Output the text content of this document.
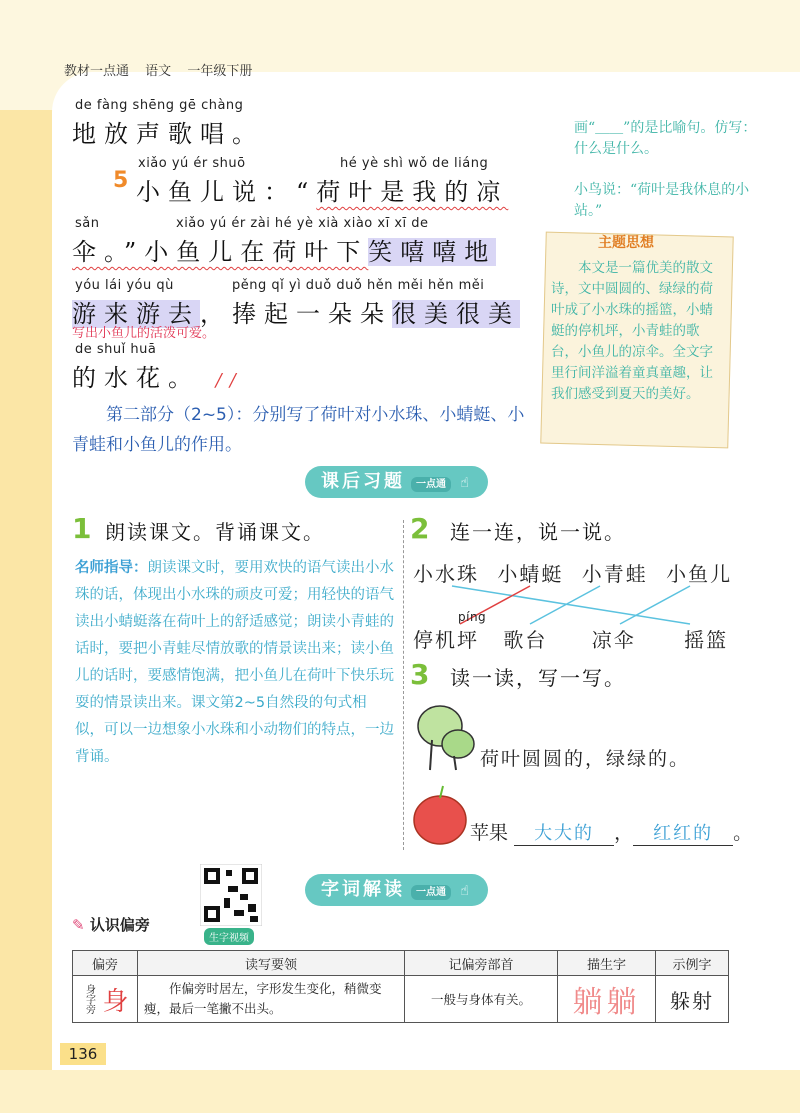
教材一点通 语文 一年级下册
de fàng shēng gē chàng
地放声歌唱。
5
xiǎo yú ér shuō	hé yè shì wǒ de liáng
小鱼儿说：“荷叶是我的凉
sǎn	xiǎo yú ér zài hé yè xià xiào xī xī de
伞。”小鱼儿在荷叶下笑嘻嘻地
yóu lái yóu qù	pěng qǐ yì duǒ duǒ hěn měi hěn měi
游来游去，捧起一朵朵很美很美
写出小鱼儿的活泼可爱。
de shuǐ huā
的水花。 //
第二部分（2~5）：分别写了荷叶对小水珠、小蜻蜓、小青蛙和小鱼儿的作用。
画“＿＿”的是比喻句。仿写：什么是什么。
小鸟说：“荷叶是我休息的小站。”
主题思想
本文是一篇优美的散文诗，文中圆圆的、绿绿的荷叶成了小水珠的摇篮，小蜻蜓的停机坪，小青蛙的歌台，小鱼儿的凉伞。全文字里行间洋溢着童真童趣，让我们感受到夏天的美好。
课后习题 一点通 ☝
1 朗读课文。背诵课文。
名师指导：朗读课文时，要用欢快的语气读出小水珠的话，体现出小水珠的顽皮可爱；用轻快的语气读出小蜻蜓落在荷叶上的舒适感觉；朗读小青蛙的话时，要把小青蛙尽情放歌的情景读出来；读小鱼儿的话时，要感情饱满，把小鱼儿在荷叶下快乐玩耍的情景读出来。课文第2~5自然段的句式相似，可以一边想象小水珠和小动物们的特点，一边背诵。
2 连一连，说一说。
小水珠 小蜻蜓 小青蛙 小鱼儿
píng
停机坪 歌台 凉伞 摇篮
3 读一读，写一写。
荷叶圆圆的，绿绿的。
苹果 大大的 ， 红红的 。
生字视频
字词解读 一点通 ☝
✎ 认识偏旁
偏旁	读写要领	记偏旁部首	描生字	示例字

身字旁 身	作偏旁时居左，字形发生变化，稍微变瘦，最后一笔撇不出头。	一般与身体有关。	躺躺	躲射
136
